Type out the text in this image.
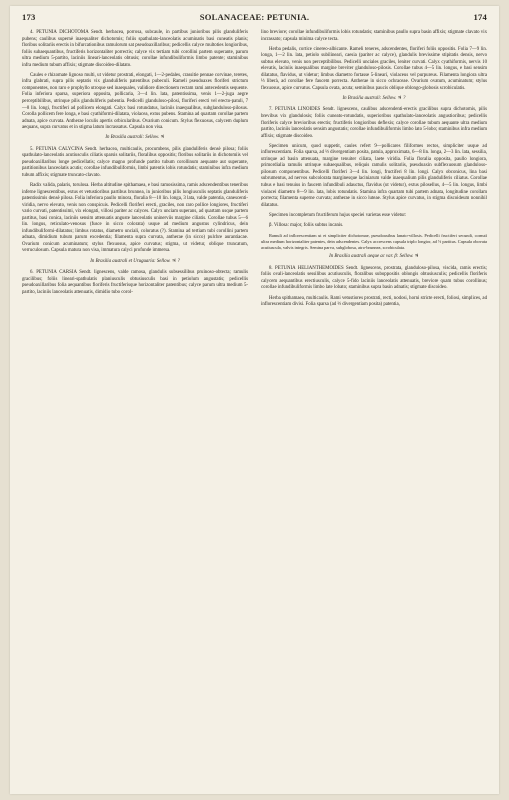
173	SOLANACEAE: PETUNIA.	174

4. PETUNIA DICHOTOMA Sendt. herbacea, porrosa, subcaule, in partibus junioribus pilis glanduliferis pubens; caulibus supernè inaequaliter dichotomis; foliis spathulato-lanceolatis acuminatis basi cuneatis planis; floribus solitariis erectis in bifurcationibus ramulorum sat pseudoaxillaribus; pedicellis calyce multoties longioribus, foliis subaequantibus, fructiferis horizontaliter porrectis; calyce vix tertiam tubi corollini partem superante, parum ultra medium 5-partito, laciniis lineari-lanceolatis obtusis; corollae infundibuliformis limbo patente; staminibus infra medium tubum affixis; stigmate discoideo-dilatato.

Caules e rhizomate lignoso multi, ut videtur prostrati, elongati, 1—2-pedales, crassitie pennae corvinae, teretes, infra glabrati, supra pilis septatis vix glanduliferis patentibus pubeculi. Rameli pseudoaxes floriferi strictum componentes, non raro e prophyllo utroque sed inaequales, validiore directionem rectam rami antecedentis sequente. Folia inferiora sparsa, superiora opposita, pollicaria, 3—4 lin. lata, patentissima, venis 1—2-juga aegre perceptibilibus, utrinque pilis glanduliferis pubentia. Pedicelli glanduloso-pilosi, floriferi erecti vel erecto-patuli, 7—8 lin. longi, fructiferi ad pollicem elongati. Calyx basi rotundatus, laciniis inaequalibus, subglanduloso-pilosus. Corolla pollicem fere longa, e basi cyathiformi-dilatata, violacea, extus pubens. Stamina ad quartam corollae partem adnata, apice curvata. Antherae loculis apertis orbicularibus. Ovarium conicum. Stylus flexuosus, calycem duplum aequans, supra curvatus et in stigma latum incrassatus. Capsula non visa.

In Brasilia australi: Sellow. ♃

5. PETUNIA CALYCINA Sendt. herbacea, multicaulis, procumbens, pilis glanduliferis densè pilosa; foliis spathulato-lanceolatis acutiusculis ciliatis sparsis solitariis, floralibus oppositis; floribus solitariis in dichotomiis vel pseudoaxillaribus longe pedicellatis; calyce magno profunde partito tubum corollinum aequante aut superante, partitionibus lanceolatis acutis; corollae infundibuliformis, limbi patentis lobis rotundatis; staminibus infra medium tubum affixis; stigmate truncato-clavato.

Radix valida, palaris, torulosa. Herba altitudine spithamaea, e basi ramosissima, ramis adscendentibus teneribus inferne lignescentibus, extus et vetustioribus partibus brunnea, in junioribus pilis longiusculis septatis glanduliferis patentissimis densè pilosa. Folia inferiora paullo minora, floralia 8—10 lin. longa, 3 lata, valde patentia, canescenti-viridia, nervo elevato, venis non conspicuis. Pedicelli floriferi erecti, graciles, non raro pollice longiores, fructiferi vario curvati, patentissimi, vix elongati, villosi pariter ac calyces. Calyx unciam superans, ad quartam usque partem partitus, basi conica, laciniis sensim attenuatis anguste lanceolatis uninerviis margine ciliatis. Corollae tubus 5—6 lin. longus, reticulato-venosus (fusce in sicco colorata) usque ad medium angustus cylindricus, dein infundibuliformi-dilatatus; limbus rotatus, diametro unciali, coloratus (?). Stamina ad tertiam tubi corollini partem adnata, dimidium tubum parum excedentia; filamenta supra curvata, antherae (in sicco) pulchre aurantiacae. Ovarium conicum acuminatum; stylus flexuosus, apice curvatus; stigma, ut videtur, oblique truncatum, verruculosum. Capsula matura non visa, immatura calyci profunde immersa.

In Brasilia australi et Uruguaria: Sellow. ♃ ?

6. PETUNIA CARSIA Sendt. lignescens, valde ramosa, glandulis subsessilibus pruinoso-obtecta; ramulis gracilibus; foliis lineari-spathulatis planiusculis obtusiusculis basi in petiolum angustatis; pedicellis pseudoaxillaribus folia aequantibus floriferis fructiferisque horizontaliter patentibus; calyce parum ultra medium 5-partito, laciniis lanceolatis attenuatis, dimidio tubo corol-

lino breviore; corollae infundibuliformis lobis rotundatis; staminibus paullo supra basin affixis; stigmate clavato vix incrassato; capsula minima calyce tecta.

Herba pedalis, cortice cinereo-albicante. Rameli teneres, adscendentes, floriferi foliis oppositis. Folia 7—9 lin. longa, 1—2 lin. lata, petiolo subilineari, caesia (pariter ac calyce), glandulis brevissime stipitatis densis, nervo subtus elevato, venis non perceptibilibus. Pedicelli unciales graciles, leniter curvati. Calyx cyathiformis, nervis 10 elevatis, laciniis inaequalibus margine breviter glanduloso-pilosis. Corollae tubus 4—5 lin. longus, e basi sensim dilatatus, flavidus, ut videtur; limbus diametro fortasse 5-linearí, violaceus vel purpureus. Filamenta longiora ultra ⅓ liberà, ad corollae fere faucem porrecta. Antherae in sicco ochraceae. Ovarium ovatum, acuminatum; stylus flexuosus, apice curvatus. Capsula ovata, acuta; seminibus paucis oblique oblongo-globosis scrobiculatis.

In Brasilia australi: Sellow. ♃ ?

7. PETUNIA LINOIDES Sendt. lignescens, caulibus adscendenti-erectis gracilibus supra dichotomis, pilis brevibus vix glandulosis; foliis cuneato-rotundatis, superioribus spathulato-lanceolatis angustioribus; pedicellis floriferis calyce brevioribus erectis; fructiferis longioribus deflexis; calyce corollae tubum aequante ultra medium partito, laciniis lanceolatis sensim angustatis; corollae infundibuliformis limbo lato 5-lobo; staminibus infra medium affixis; stigmate discoideo.

Specimen unicum, quod suppetit, caules refert 9—pollicares filiformes rectos, simpliciter usque ad inflorescentiam. Folia sparsa, ad ⅓ divergentiam posita, patula, approximata, 6—8 lin. longa, 2—3 lin. lata, sessilia, utrinque ad basin attenuata, margine tenuiter ciliata, laete viridia. Folia floralia opposita, paullo longiora, primordialia ramulis utrinque subaequalibus, reliquis ramulis solitariis, pseudoaxin subflexuosum glanduloso-pilosum componentibus. Pedicelli floriferi 3—4 lin. longi, fructiferi 8 lin. longi. Calyx obconicus, lina basi subrumentus, ad nervos subcolorata marginesque laciniarum valde inaequalium pilis glanduliferis ciliatus. Corollae tubus e basi tenuius in faucem infundibuli adauctus, flavidus (ut videtur), extus pilosellus, 4—5 lin. longus, limbi violacei diametro 8—9 lin. lata, lobis rotundatis. Stamina infra quartam tubi partem adnata, longitudine corollam porrecta; filamenta superne curvata; antherae in sicco luteae. Stylus apice curvatus, in stigma discoideum nonnihil dilatatus.

Specimen incompletum fructiferum hujus speciei varietas esse videtur:

β. Villosa: major, foliis subtus incanis.

Ramuli ad inflorescentiam ut et simpliciter dichotomae, pseudoaxibus lanato-villosis. Pedicelli fructiferi secundi, cornutí ultra medium horizontaliter patentes, dein adscendentes. Calyx accrescens capsula triplo longior, ad ½ partitus. Capsula obovata acutiuscula, valvis integris. Semina parva, subglobosa, atro-brunnea, scrobiculata.

In Brasilia australi aeque ac var. β: Sellow. ♃

8. PETUNIA HELIANTHEMOIDES Sendt. lignescens, prostrata, glanduloso-pilosa, viscida, ramis erectis; foliis ovali-lanceolatis sessilibus acutiusculis, floralibus suboppositis oblongis obtusiusculis; pedicellis floriferis calycem aequantibus erectiusculis, calyce 5-fido laciniis lanceolatis attenuatis, breviore quam tubus corollinus; corollae infundibuliformis limbo late lobato; staminibus supra basin adnatis; stigmate discoideo.

Herba spithamaea, multicaulis. Rami vetustiores prostrati, recti, nodosi, horni stricte erecti, foliosi, simplices, ad inflorescentiam divisi. Folia sparsa (ad ⅓ divergentiam posita) patentia,
